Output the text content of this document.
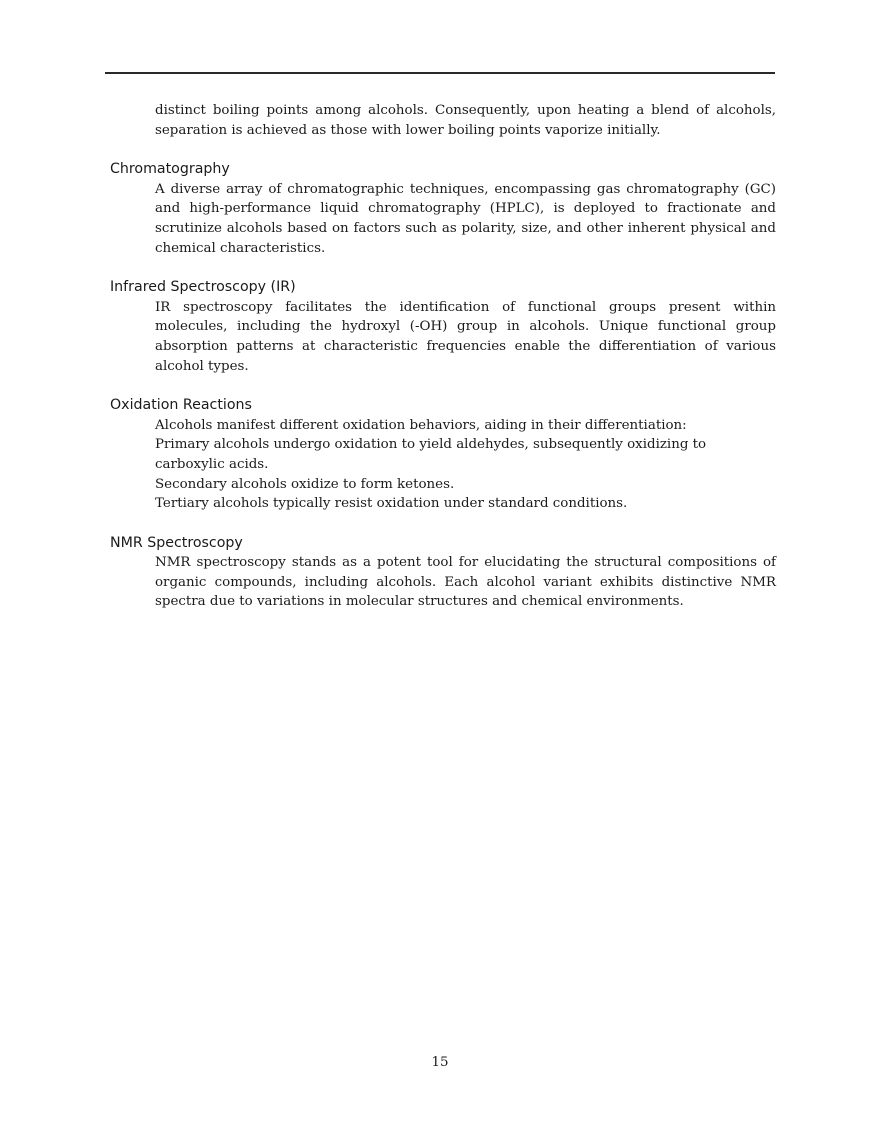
distinct boiling points among alcohols. Consequently, upon heating a blend of alcohols, separation is achieved as those with lower boiling points vaporize initially.

Chromatography

A diverse array of chromatographic techniques, encompassing gas chromatography (GC) and high-performance liquid chromatography (HPLC), is deployed to fractionate and scrutinize alcohols based on factors such as polarity, size, and other inherent physical and chemical characteristics.

Infrared Spectroscopy (IR)

IR spectroscopy facilitates the identification of functional groups present within molecules, including the hydroxyl (-OH) group in alcohols. Unique functional group absorption patterns at characteristic frequencies enable the differentiation of various alcohol types.

Oxidation Reactions
Alcohols manifest different oxidation behaviors, aiding in their differentiation:
Primary alcohols undergo oxidation to yield aldehydes, subsequently oxidizing to carboxylic acids.
Secondary alcohols oxidize to form ketones.
Tertiary alcohols typically resist oxidation under standard conditions.
NMR Spectroscopy

NMR spectroscopy stands as a potent tool for elucidating the structural compositions of organic compounds, including alcohols. Each alcohol variant exhibits distinctive NMR spectra due to variations in molecular structures and chemical environments.

15
